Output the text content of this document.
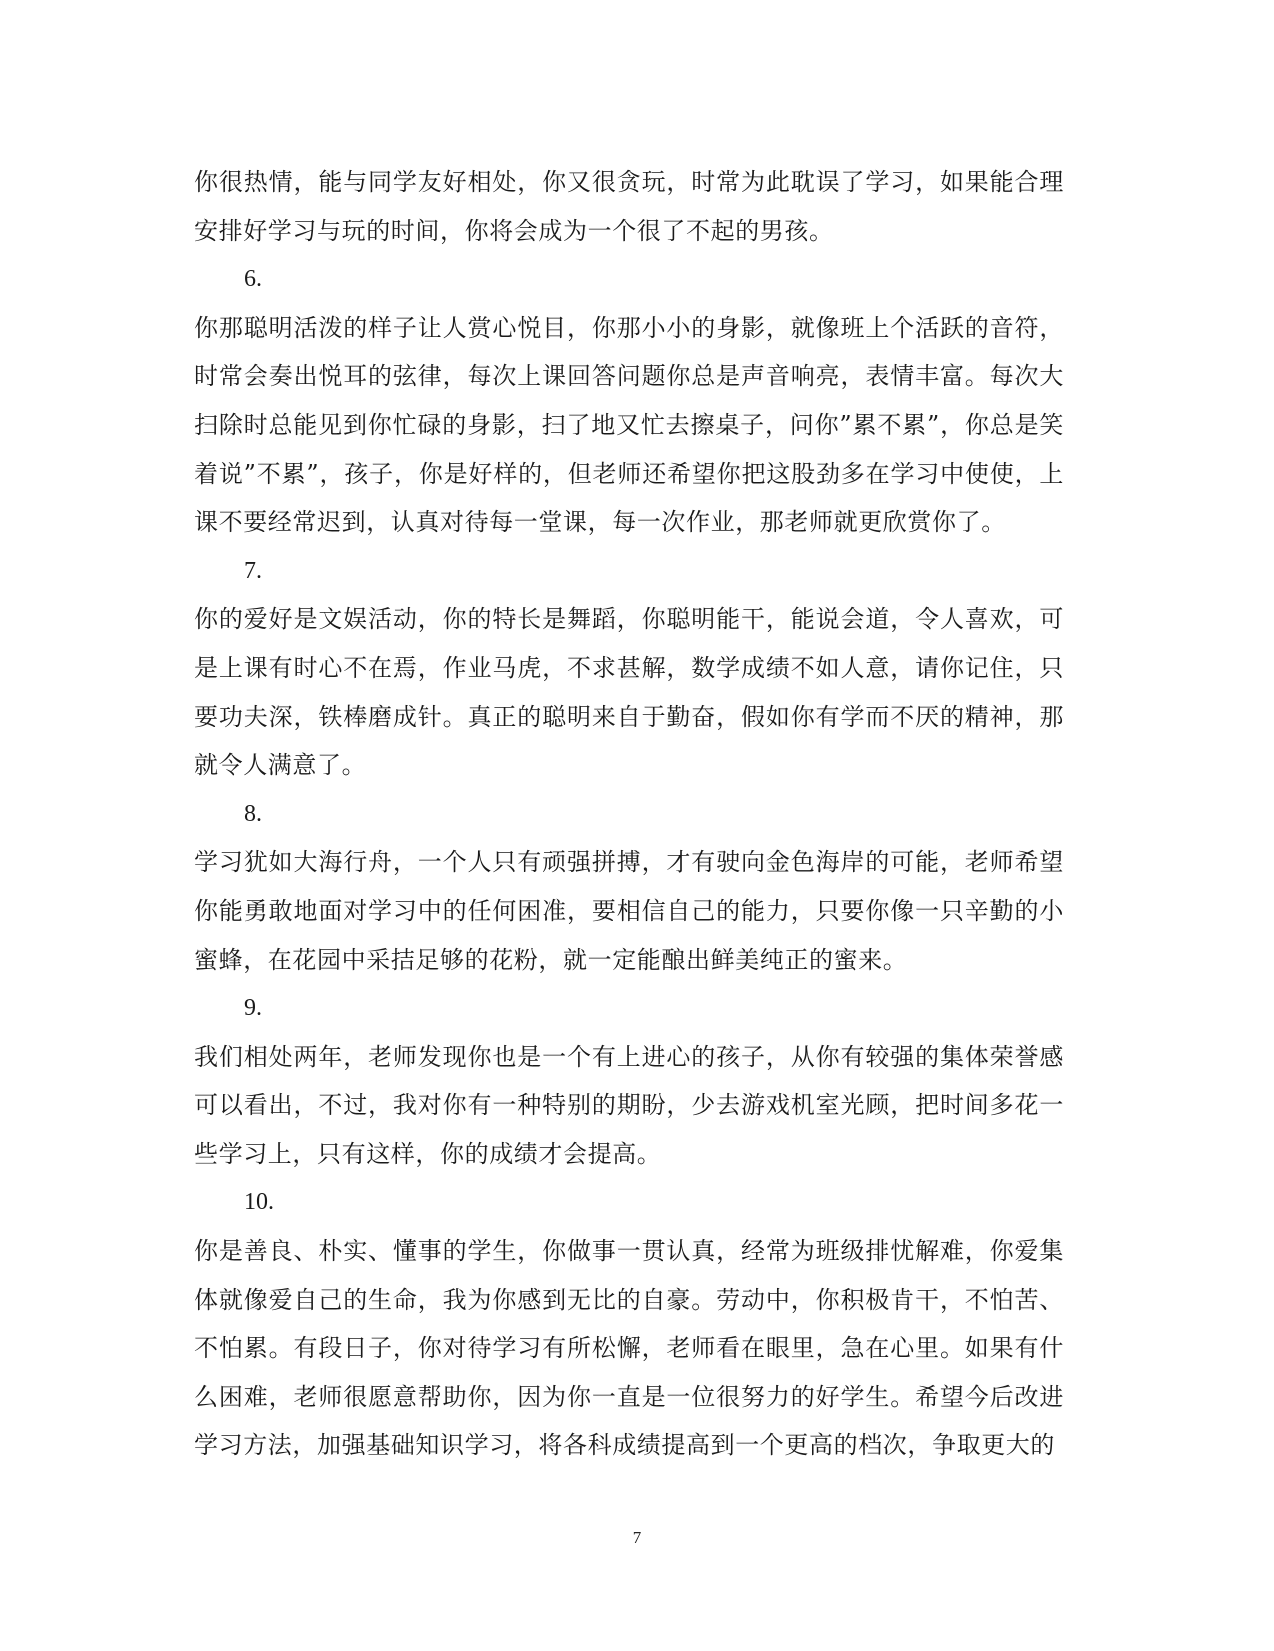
你很热情，能与同学友好相处，你又很贪玩，时常为此耽误了学习，如果能合理安排好学习与玩的时间，你将会成为一个很了不起的男孩。

6.

你那聪明活泼的样子让人赏心悦目，你那小小的身影，就像班上个活跃的音符，时常会奏出悦耳的弦律，每次上课回答问题你总是声音响亮，表情丰富。每次大扫除时总能见到你忙碌的身影，扫了地又忙去擦桌子，问你”累不累”，你总是笑着说”不累”，孩子，你是好样的，但老师还希望你把这股劲多在学习中使使，上课不要经常迟到，认真对待每一堂课，每一次作业，那老师就更欣赏你了。

7.

你的爱好是文娱活动，你的特长是舞蹈，你聪明能干，能说会道，令人喜欢，可是上课有时心不在焉，作业马虎，不求甚解，数学成绩不如人意，请你记住，只要功夫深，铁棒磨成针。真正的聪明来自于勤奋，假如你有学而不厌的精神，那就令人满意了。

8.

学习犹如大海行舟，一个人只有顽强拼搏，才有驶向金色海岸的可能，老师希望你能勇敢地面对学习中的任何困准，要相信自己的能力，只要你像一只辛勤的小蜜蜂，在花园中采拮足够的花粉，就一定能酿出鲜美纯正的蜜来。

9.

我们相处两年，老师发现你也是一个有上进心的孩子，从你有较强的集体荣誉感可以看出，不过，我对你有一种特别的期盼，少去游戏机室光顾，把时间多花一些学习上，只有这样，你的成绩才会提高。

10.

你是善良、朴实、懂事的学生，你做事一贯认真，经常为班级排忧解难，你爱集体就像爱自己的生命，我为你感到无比的自豪。劳动中，你积极肯干，不怕苦、不怕累。有段日子，你对待学习有所松懈，老师看在眼里，急在心里。如果有什么困难，老师很愿意帮助你，因为你一直是一位很努力的好学生。希望今后改进学习方法，加强基础知识学习，将各科成绩提高到一个更高的档次，争取更大的

7
